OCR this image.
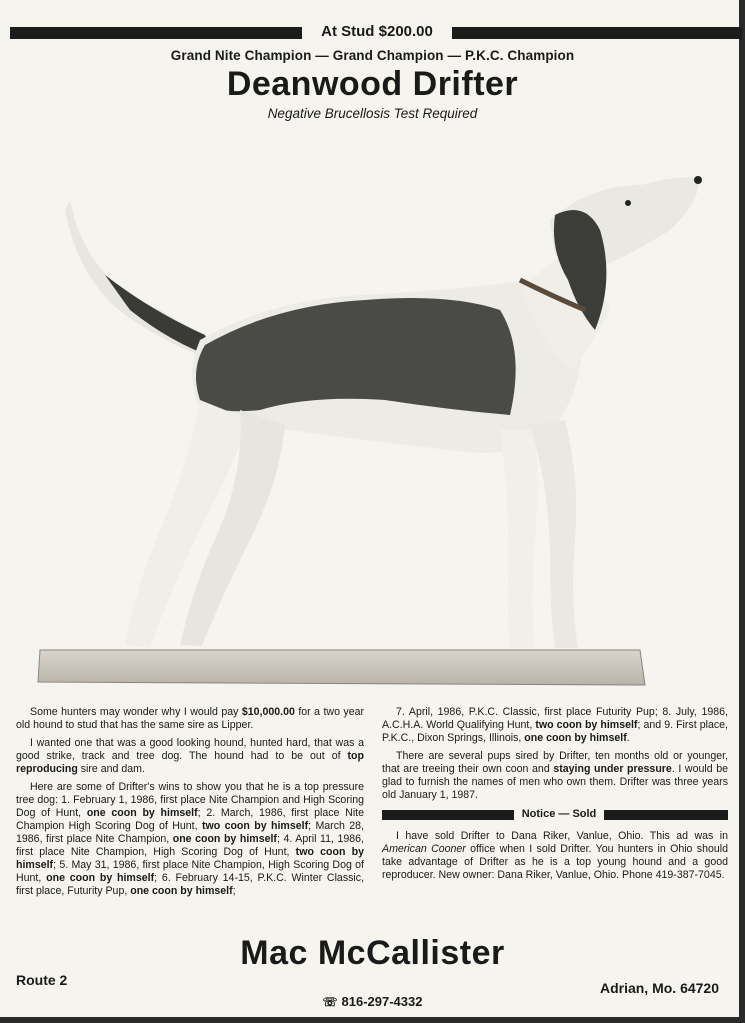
At Stud $200.00
Grand Nite Champion — Grand Champion — P.K.C. Champion
Deanwood Drifter
Negative Brucellosis Test Required

Some hunters may wonder why I would pay $10,000.00 for a two year old hound to stud that has the same sire as Lipper.

I wanted one that was a good looking hound, hunted hard, that was a good strike, track and tree dog. The hound had to be out of top reproducing sire and dam.

Here are some of Drifter's wins to show you that he is a top pressure tree dog: 1. February 1, 1986, first place Nite Champion and High Scoring Dog of Hunt, one coon by himself; 2. March, 1986, first place Nite Champion High Scoring Dog of Hunt, two coon by himself; March 28, 1986, first place Nite Champion, one coon by himself; 4. April 11, 1986, first place Nite Champion, High Scoring Dog of Hunt, two coon by himself; 5. May 31, 1986, first place Nite Champion, High Scoring Dog of Hunt, one coon by himself; 6. February 14-15, P.K.C. Winter Classic, first place, Futurity Pup, one coon by himself;

7. April, 1986, P.K.C. Classic, first place Futurity Pup; 8. July, 1986, A.C.H.A. World Qualifying Hunt, two coon by himself; and 9. First place, P.K.C., Dixon Springs, Illinois, one coon by himself.

There are several pups sired by Drifter, ten months old or younger, that are treeing their own coon and staying under pressure. I would be glad to furnish the names of men who own them. Drifter was three years old January 1, 1987.

Notice — Sold

I have sold Drifter to Dana Riker, Vanlue, Ohio. This ad was in American Cooner office when I sold Drifter. You hunters in Ohio should take advantage of Drifter as he is a top young hound and a good reproducer. New owner: Dana Riker, Vanlue, Ohio. Phone 419-387-7045.

Mac McCallister
Route 2	Adrian, Mo. 64720
☏ 816-297-4332
